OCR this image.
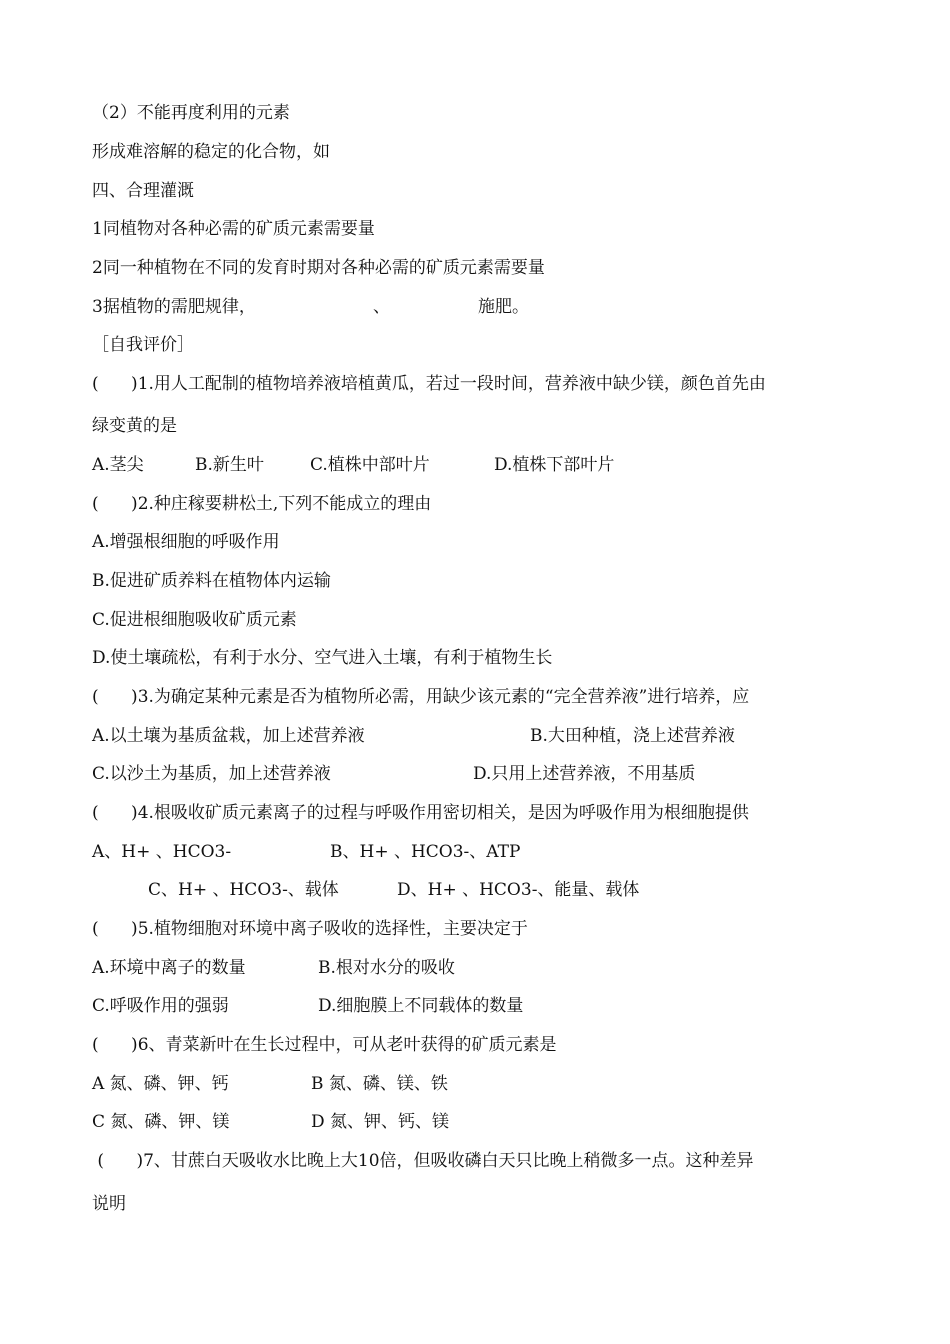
（2）不能再度利用的元素
形成难溶解的稳定的化合物，如
四、合理灌溉
1同植物对各种必需的矿质元素需要量
2同一种植物在不同的发育时期对各种必需的矿质元素需要量
3据植物的需肥规律，	、	施肥。
［自我评价］
(      )1.用人工配制的植物培养液培植黄瓜，若过一段时间，营养液中缺少镁，颜色首先由
绿变黄的是
A.茎尖	B.新生叶	C.植株中部叶片	D.植株下部叶片
(      )2.种庄稼要耕松土,下列不能成立的理由
A.增强根细胞的呼吸作用
B.促进矿质养料在植物体内运输
C.促进根细胞吸收矿质元素
D.使土壤疏松，有利于水分、空气进入土壤，有利于植物生长
(      )3.为确定某种元素是否为植物所必需，用缺少该元素的“完全营养液”进行培养，应
A.以土壤为基质盆栽，加上述营养液	B.大田种植，浇上述营养液
C.以沙土为基质，加上述营养液	D.只用上述营养液，不用基质
(      )4.根吸收矿质元素离子的过程与呼吸作用密切相关，是因为呼吸作用为根细胞提供
A、H+ 、HCO3-	B、H+ 、HCO3-、ATP
C、H+ 、HCO3-、载体	D、H+ 、HCO3-、能量、载体
(      )5.植物细胞对环境中离子吸收的选择性，主要决定于
A.环境中离子的数量	B.根对水分的吸收
C.呼吸作用的强弱	D.细胞膜上不同载体的数量
(      )6、青菜新叶在生长过程中，可从老叶获得的矿质元素是
A 氮、磷、钾、钙	B 氮、磷、镁、铁
C 氮、磷、钾、镁	D 氮、钾、钙、镁
(      )7、甘蔗白天吸收水比晚上大10倍，但吸收磷白天只比晚上稍微多一点。这种差异
说明
